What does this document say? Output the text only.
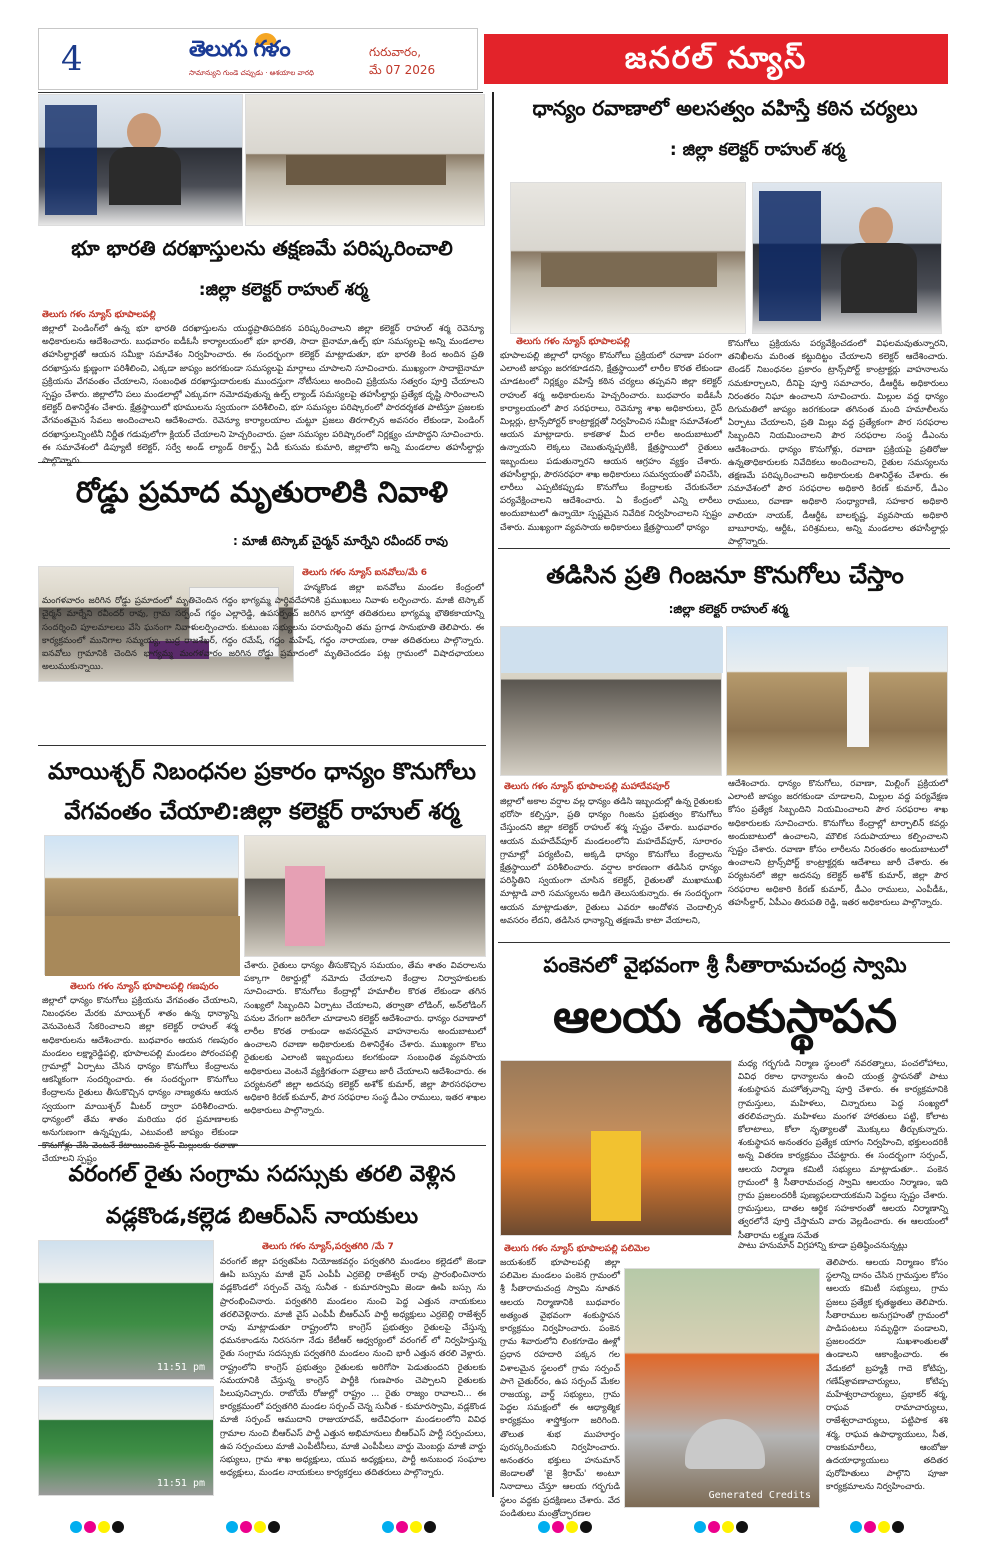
4	తెలుగు గళం
సామాన్యుని గుండె చప్పుడు · ఆశయాల వారధి
గురువారం,
మే 07 2026	జనరల్ న్యూస్
భూ భారతి దరఖాస్తులను తక్షణమే పరిష్కరించాలి
:జిల్లా కలెక్టర్ రాహుల్ శర్మ
తెలుగు గళం న్యూస్ భూపాలపల్లి
జిల్లాలో పెండింగ్‌లో ఉన్న భూ భారతి దరఖాస్తులను యుద్ధప్రాతిపదికన పరిష్కరించాలని జిల్లా కలెక్టర్ రాహుల్ శర్మ రెవెన్యూ అధికారులను ఆదేశించారు. బుధవారం ఐడీఓసీ కార్యాలయంలో భూ భారతి, సాదా బైనామా,ఉల్ప్ భూ సమస్యలపై అన్ని మండలాల తహసిల్దార్లతో ఆయన సమీక్షా సమావేశం నిర్వహించారు. ఈ సందర్భంగా కలెక్టర్ మాట్లాడుతూ, భూ భారతి కింద అందిన ప్రతి దరఖాస్తును క్షుణ్ణంగా పరిశీలించి, ఎక్కడా జాప్యం జరగకుండా సమస్యలపై మార్గాలు చూపాలని సూచించారు. ముఖ్యంగా సాదాబైనామా ప్రక్రియను వేగవంతం చేయాలని, సంబంధిత దరఖాస్తుదారులకు ముందస్తుగా నోటీసులు అందించి ప్రక్రియను సత్వరం పూర్తి చేయాలని స్పష్టం చేశారు. జిల్లాలోని పలు మండలాల్లో ఎక్కువగా నమోదవుతున్న ఉల్ప్ ల్యాండ్ సమస్యలపై తహసీల్దార్లు ప్రత్యేక దృష్టి సారించాలని కలెక్టర్ దిశానిర్దేశం చేశారు. క్షేత్రస్థాయిలో భూములను స్వయంగా పరిశీలించి, భూ సమస్యల పరిష్కారంలో పారదర్శకత పాటిస్తూ ప్రజలకు వేగవంతమైన సేవలు అందించాలని ఆదేశించారు. రెవెన్యూ కార్యాలయాల చుట్టూ ప్రజలు తిరగాల్సిన అవసరం లేకుండా, పెండింగ్ దరఖాస్తులన్నింటినీ నిర్ణీత గడువులోగా క్లియర్ చేయాలని హెచ్చరించారు. ప్రజా సమస్యల పరిష్కారంలో నిర్లక్ష్యం చూపొద్దని సూచించారు. ఈ సమావేశంలో డిప్యూటీ కలెక్టర్, సర్వే అండ్ ల్యాండ్ రికార్డ్స్ ఏడీ కుసుమ కుమారి, జిల్లాలోని అన్ని మండలాల తహసీల్దార్లు పాల్గొన్నారు.
ధాన్యం రవాణాలో అలసత్వం వహిస్తే కఠిన చర్యలు
: జిల్లా కలెక్టర్ రాహుల్ శర్మ
తెలుగు గళం న్యూస్ భూపాలపల్లి
భూపాలపల్లి జిల్లాలో ధాన్యం కొనుగోలు ప్రక్రియలో రవాణా పరంగా ఎలాంటి జాప్యం జరగకూడదని, క్షేత్రస్థాయిలో లారీల కొరత లేకుండా చూడటంలో నిర్లక్ష్యం వహిస్తే కఠిన చర్యలు తప్పవని జిల్లా కలెక్టర్ రాహుల్ శర్మ అధికారులను హెచ్చరించారు. బుధవారం ఐడీఓసీ కార్యాలయంలో పౌర సరఫరాలు, రెవెన్యూ శాఖ అధికారులు, రైస్ మిల్లర్లు, ట్రాన్స్‌పోర్టర్ కాంట్రాక్టర్లతో నిర్వహించిన సమీక్షా సమావేశంలో ఆయన మాట్లాడారు. కాకతాళ మీద లారీల అందుబాటులో ఉన్నాయని లెక్కలు చెబుతున్నప్పటికీ, క్షేత్రస్థాయిలో రైతులు ఇబ్బందులు పడుతున్నారని ఆయన ఆగ్రహం వ్యక్తం చేశారు. తహసీల్దార్లు, పౌరసరఫరా శాఖ అధికారులు సమన్వయంతో పనిచేసి, లారీలు ఎప్పటికప్పుడు కొనుగోలు కేంద్రాలకు చేరుకునేలా పర్యవేక్షించాలని ఆదేశించారు. ఏ కేంద్రంలో ఎన్ని లారీలు అందుబాటులో ఉన్నాయో స్పష్టమైన నివేదిక నిర్వహించాలని స్పష్టం చేశారు. ముఖ్యంగా వ్యవసాయ అధికారులు క్షేత్రస్థాయిలో ధాన్యం
కొనుగోలు ప్రక్రియను పర్యవేక్షించడంలో విఫలమవుతున్నారని, తనిఖీలను మరింత కట్టుదిట్టం చేయాలని కలెక్టర్ ఆదేశించారు. టెండర్ నిబంధనల ప్రకారం ట్రాన్స్‌పోర్ట్ కాంట్రాక్టర్లు వాహనాలను సమకూర్చాలని, దీనిపై పూర్తి సమాచారం, డీఆర్డీఓ అధికారులు నిరంతరం నిఘా ఉంచాలని సూచించారు. మిల్లుల వద్ద ధాన్యం దిగుమతిలో జాప్యం జరగకుండా తగినంత మంది హమాలీలను ఏర్పాటు చేయాలని, ప్రతి మిల్లు వద్ద ప్రత్యేకంగా పౌర సరఫరాల సిబ్బందిని నియమించాలని పౌర సరఫరాల సంస్థ డీఎంను ఆదేశించారు. ధాన్యం కొనుగోళ్లు, రవాణా ప్రక్రియపై ప్రతిరోజు ఉన్నతాధికారులకు నివేదికలు అందించాలని, రైతుల సమస్యలను తక్షణమే పరిష్కరించాలని అధికారులకు దిశానిర్దేశం చేశారు. ఈ సమావేశంలో పౌర సరఫరాల అధికారి కిరణ్ కుమార్, డీఎం రాములు, రవాణా అధికారి సంధ్యారాణి, సహకార అధికారి వాలియా నాయక్, డీఆర్డీఓ బాలకృష్ణ, వ్యవసాయ అధికారి బాబూరావు, ఆర్టీఓ, పరిశ్రమలు, అన్ని మండలాల తహసీల్దార్లు పాల్గొన్నారు.
రోడ్డు ప్రమాద మృతురాలికి నివాళి
: మాజీ టెస్కాబ్ చైర్మన్ మార్నేని రవీందర్ రావు
తెలుగు గళం న్యూస్ ఐనవోలు/మే 6
హన్మకొండ జిల్లా ఐనవోలు మండల కేంద్రంలో మంగళవారం జరిగిన రోడ్డు ప్రమాదంలో మృతిచెందిన గద్దం భాగ్యమ్మ పార్థివదేహానికి ప్రముఖులు నివాళు లర్పించారు. మాజీ టెస్కాబ్ చైర్మన్ మార్నేని రవీందర్ రావు, గ్రామ సర్పంచ్ గద్దం ఎల్లారెడ్డి, ఉపసర్పంచ్ జరిగిన భాగస్తో తదితరులు భాగ్యమ్మ భౌతికకాయాన్ని సందర్శించి పూలమాలలు వేసి ఘనంగా నివాళులర్పించారు. కుటుంబ సభ్యులను పరామర్శించి తమ ప్రగాఢ సానుభూతి తెలిపారు. ఈ కార్యక్రమంలో మునిగాల సమ్మయ్య, బుర్ర రాజశేఖర్, గద్దం రమేష్, గద్దం మహేష్, గద్దం నారాయణ, రాజు తదితరులు పాల్గొన్నారు. ఐనవోలు గ్రామానికి చెందిన భాగ్యమ్మ మంగళవారం జరిగిన రోడ్డు ప్రమాదంలో మృతిచెందడం పట్ల గ్రామంలో విషాదఛాయలు అలుముకున్నాయి.
తడిసిన ప్రతి గింజనూ కొనుగోలు చేస్తాం
:జిల్లా కలెక్టర్ రాహుల్ శర్మ
తెలుగు గళం న్యూస్ భూపాలపల్లి మహాదేవపూర్
జిల్లాలో అకాల వర్షాల వల్ల ధాన్యం తడిసి ఇబ్బందుల్లో ఉన్న రైతులకు భరోసా కల్పిస్తూ, ప్రతి ధాన్యం గింజను ప్రభుత్వం కొనుగోలు చేస్తుందని జిల్లా కలెక్టర్ రాహుల్ శర్మ స్పష్టం చేశారు. బుధవారం ఆయన మహదేవ్‌పూర్ మండలంలోని మహదేవ్‌పూర్, సూరారం గ్రామాల్లో పర్యటించి, అక్కడి ధాన్యం కొనుగోలు కేంద్రాలను క్షేత్రస్థాయిలో పరిశీలించారు. వర్షాల కారణంగా తడిసిన ధాన్యం పరిస్థితిని స్వయంగా చూసిన కలెక్టర్, రైతులతో ముఖాముఖి మాట్లాడి వారి సమస్యలను అడిగి తెలుసుకున్నారు. ఈ సందర్భంగా ఆయన మాట్లాడుతూ, రైతులు ఎవరూ ఆందోళన చెందాల్సిన అవసరం లేదని, తడిసిన ధాన్యాన్ని తక్షణమే కాటా వేయాలని,
ఆదేశించారు. ధాన్యం కొనుగోలు, రవాణా, మిల్లింగ్ ప్రక్రియలో ఎలాంటి జాప్యం జరగకుండా చూడాలని, మిల్లుల వద్ద పర్యవేక్షణ కోసం ప్రత్యేక సిబ్బందిని నియమించాలని పౌర సరఫరాల శాఖ అధికారులకు సూచించారు. కొనుగోలు కేంద్రాల్లో టార్పాలిన్ కవర్లు అందుబాటులో ఉంచాలని, మౌలిక సదుపాయాలు కల్పించాలని స్పష్టం చేశారు. రవాణా కోసం లారీలను నిరంతరం అందుబాటులో ఉంచాలని ట్రాన్స్‌పోర్ట్ కాంట్రాక్టర్లకు ఆదేశాలు జారీ చేశారు. ఈ పర్యటనలో జిల్లా అదనపు కలెక్టర్ అశోక్ కుమార్, జిల్లా పౌర సరఫరాల అధికారి కిరణ్ కుమార్, డీఎం రాములు, ఎంపీడీఓ, తహసీల్దార్, ఏపీఎం తిరుపతి రెడ్డి, ఇతర అధికారులు పాల్గొన్నారు.
మాయిశ్చర్ నిబంధనల ప్రకారం ధాన్యం కొనుగోలు వేగవంతం చేయాలి:జిల్లా కలెక్టర్ రాహుల్ శర్మ
తెలుగు గళం న్యూస్ భూపాలపల్లి గణపురం
జిల్లాలో ధాన్యం కొనుగోలు ప్రక్రియను వేగవంతం చేయాలని, నిబంధనల మేరకు మాయిశ్చర్ శాతం ఉన్న ధాన్యాన్ని వెనువెంటనే సేకరించాలని జిల్లా కలెక్టర్ రాహుల్ శర్మ అధికారులను ఆదేశించారు. బుధవారం ఆయన గణపురం మండలం లక్ష్మారెడ్డిపల్లి, భూపాలపల్లి మండలం పోరంచపల్లి గ్రామాల్లో ఏర్పాటు చేసిన ధాన్యం కొనుగోలు కేంద్రాలను ఆకస్మికంగా సందర్శించారు. ఈ సందర్భంగా కొనుగోలు కేంద్రాలను రైతులు తీసుకొచ్చిన ధాన్యం నాణ్యతను ఆయన స్వయంగా మాయిశ్చర్ మీటర్ ద్వారా పరిశీలించారు. ధాన్యంలో తేమ శాతం మరియు ధర ప్రమాణాలకు అనుగుణంగా ఉన్నప్పుడు, ఎటువంటి జాప్యం లేకుండా కొనుగోళ్లు చేసి వెంటనే కేటాయించిన రైస్ మిల్లులకు రవాణా చేయాలని స్పష్టం
చేశారు. రైతులు ధాన్యం తీసుకొచ్చిన సమయం, తేమ శాతం వివరాలను పక్కాగా రికార్డుల్లో నమోదు చేయాలని కేంద్రాల నిర్వాహకులకు సూచించారు. కొనుగోలు కేంద్రాల్లో హమాలీల కొరత లేకుండా తగిన సంఖ్యలో సిబ్బందిని ఏర్పాటు చేయాలని, తర్వాతా లోడింగ్, అన్‌లోడింగ్ పనుల వేగంగా జరిగేలా చూడాలని కలెక్టర్ ఆదేశించారు. ధాన్యం రవాణాలో లారీల కొరత రాకుండా అవసరమైన వాహనాలను అందుబాటులో ఉంచాలని రవాణా అధికారులకు దిశానిర్దేశం చేశారు. ముఖ్యంగా కొలు రైతులకు ఎలాంటి ఇబ్బందులు కలగకుండా సంబంధిత వ్యవసాయ అధికారులు వెంటనే వ్యక్తిగతంగా పత్రాలు జారీ చేయాలని ఆదేశించారు. ఈ పర్యటనలో జిల్లా అదనపు కలెక్టర్ అశోక్ కుమార్, జిల్లా పౌరసరఫరాల అధికారి కిరణ్ కుమార్, పౌర సరఫరాల సంస్థ డీఎం రాములు, ఇతర శాఖల అధికారులు పాల్గొన్నారు.
పంకెనలో వైభవంగా శ్రీ సీతారామచంద్ర స్వామి
ఆలయ శంకుస్థాపన
మధ్య గర్భగుడి నిర్మాణ స్థలంలో నవరత్నాలు, పంచలోహాలు, వివిధ రకాల ధాన్యాలను ఉంచి యంత్ర స్థాపనతో పాటు శంకుస్థాపన మహోత్సవాన్ని పూర్తి చేశారు. ఈ కార్యక్రమానికి గ్రామస్తులు, మహిళలు, చిన్నారులు పెద్ద సంఖ్యలో తరలివచ్చారు. మహిళలు మంగళ హారతులు పట్టి, కోలాట కోలాటాలు, కోలా నృత్యాలతో మొక్కులు తీర్చుకున్నారు. శంకుస్థాపన అనంతరం ప్రత్యేక యాగం నిర్వహించి, భక్తులందరికీ అన్న వితరణ కార్యక్రమం చేపట్టారు. ఈ సందర్భంగా సర్పంచ్, ఆలయ నిర్మాణ కమిటీ సభ్యులు మాట్లాడుతూ.. పంకెన గ్రామంలో శ్రీ సీతారామచంద్ర స్వామి ఆలయం నిర్మాణం, ఇది గ్రామ ప్రజలందరికీ పుణ్యఫలదాయకమని పెద్దలు స్పష్టం చేశారు. గ్రామస్తులు, దాతల ఆర్థిక సహకారంతో ఆలయ నిర్మాణాన్ని త్వరలోనే పూర్తి చేస్తామని వారు వెల్లడించారు. ఈ ఆలయంలో సీతారామ లక్ష్మణ సమేత
పాటు హనుమాన్ విగ్రహాన్ని కూడా ప్రతిష్ఠించనున్నట్లు
తెలుగు గళం న్యూస్ భూపాలపల్లి పలిమెల
జయశంకర్ భూపాలపల్లి జిల్లా పలిమెల మండలం పంకెన గ్రామంలో శ్రీ సీతారామచంద్ర స్వామి నూతన ఆలయ నిర్మాణానికి బుధవారం అత్యంత వైభవంగా శంకుస్థాపన కార్యక్రమం నిర్వహించారు. పంకెన గ్రామ శివారులోని లింకగూడెం ఊళ్లో ప్రధాన రహదారి పక్కన గల విశాలమైన స్థలంలో గ్రామ సర్పంచ్ పాగె చైతుర్‌రం, ఉప సర్పంచ్ మేకల రాజయ్య, వార్డ్ సభ్యులు, గ్రామ పెద్దల సమక్షంలో ఈ ఆధ్యాత్మిక కార్యక్రమం శాస్త్రోక్తంగా జరిగింది. తొలుత శుభ ముహూర్తం పురస్కరించుకుని నిర్వహించారు. అనంతరం భక్తులు హనుమాన్ జెండాలతో 'జై శ్రీరామ్' అంటూ నినాదాలు చేస్తూ ఆలయ గర్భగుడి స్థలం వద్దకు ప్రదక్షిణలు చేశారు. వేద పండితులు మంత్రోచ్ఛారణల
Generated Credits
తెలిపారు. ఆలయ నిర్మాణం కోసం స్థలాన్ని దానం చేసిన గ్రామస్తుల కోసం ఆలయ కమిటీ సభ్యులు, గ్రామ ప్రజలు ప్రత్యేక కృతజ్ఞతలు తెలిపారు. సీతారాముల అనుగ్రహంతో గ్రామంలో పాడిపంటలు సమృద్ధిగా పండాలని, ప్రజలందరూ సుఖశాంతులతో ఉండాలని ఆకాంక్షించారు. ఈ వేడుకలో బ్రహ్మశ్రీ గాదె కోటిప్ప, గణేష్‌శ్రావణాచార్యులు, కోటిప్ప మహేశ్వరాచార్యులు, ప్రభాకర్ శర్మ, రాఘవ రామాచార్యులు, రాజేశ్వరాచార్యులు, పట్టిపాక శశి శర్మ, రాఘవ ఉపాధ్యాయులు, సీత, రాజకుమారీలు, ఆంబోజు ఉదయాధ్యాయులు తదితర పురోహితులు పాల్గొని పూజా కార్యక్రమాలను నిర్వహించారు.
వరంగల్ రైతు సంగ్రామ సదస్సుకు తరలి వెళ్లిన వడ్లకొండ,కల్లెడ బిఆర్ఎస్ నాయకులు
11:51 pm
11:51 pm
తెలుగు గళం న్యూస్,పర్వతగిరి /మే 7
వరంగల్ జిల్లా పర్వతపేట నియోజకవర్గం పర్వతగిరి మండలం కల్లెడలో జెండా ఊపి బస్సును మాజీ వైస్ ఎంపీపీ ఎర్రబెల్లి రాజేశ్వర్ రావు ప్రారంభించినారు వడ్లకొండలో సర్పంచ్ చెన్న సునీత - కుమారస్వామి జెండా ఊపి బస్సు ను ప్రారంభించినారు. పర్వతగిరి మండలం నుంచి పెద్ద ఎత్తున నాయకులు తరలివెళ్లినారు. మాజీ వైస్ ఎంపీపీ బీఆర్ఎస్ పార్టీ అధ్యక్షులు ఎర్రబెల్లి రాజేశ్వర్ రావు మాట్లాడుతూ రాష్ట్రంలోని కాంగ్రెస్ ప్రభుత్వం రైతులపై చేస్తున్న ధమనకాండను నిరసనగా నేడు కేటీఆర్ ఆధ్వర్యంలో వరంగల్ లో నిర్వహిస్తున్న రైతు సంగ్రామ సదస్సుకు పర్వతగిరి మండలం నుంచి భారీ ఎత్తున తరలి వెళ్లారు. రాష్ట్రంలోని కాంగ్రెస్ ప్రభుత్వం రైతులకు అరిగోసా పెడుతుందని రైతులకు సమయానికి చేస్తున్న కాంగ్రెస్ పార్టీకి గుణపాఠం చెప్పాలని రైతులకు పిలుపునిచ్చారు. రాబోయే రోజుల్లో రాష్ట్రం ... రైతు రాజ్యం రావాలని... ఈ కార్యక్రమంలో పర్వతగిరి మండల సర్పంచ్ చెన్న సునీత - కుమారస్వామి, వడ్లకొండ మాజీ సర్పంచ్ ఆముదాని రాజుయాదవ్, అదేవిధంగా మండలంలోని వివిధ గ్రామాల నుంచి బీఆర్ఎస్ పార్టీ ఎత్తున అభిమానులు బీఆర్ఎస్ పార్టీ సర్పంచులు, ఉప సర్పంచులు మాజీ ఎంపీటీసీలు, మాజీ ఎంపీపీలు వార్డు మెంబర్లు మాజీ వార్డు సభ్యులు, గ్రామ శాఖ అధ్యక్షులు, యువ అధ్యక్షులు, పార్టీ అనుబంధ సంఘాల అధ్యక్షులు, మండల నాయకులు కార్యకర్తలు తదితరులు పాల్గొన్నారు.
